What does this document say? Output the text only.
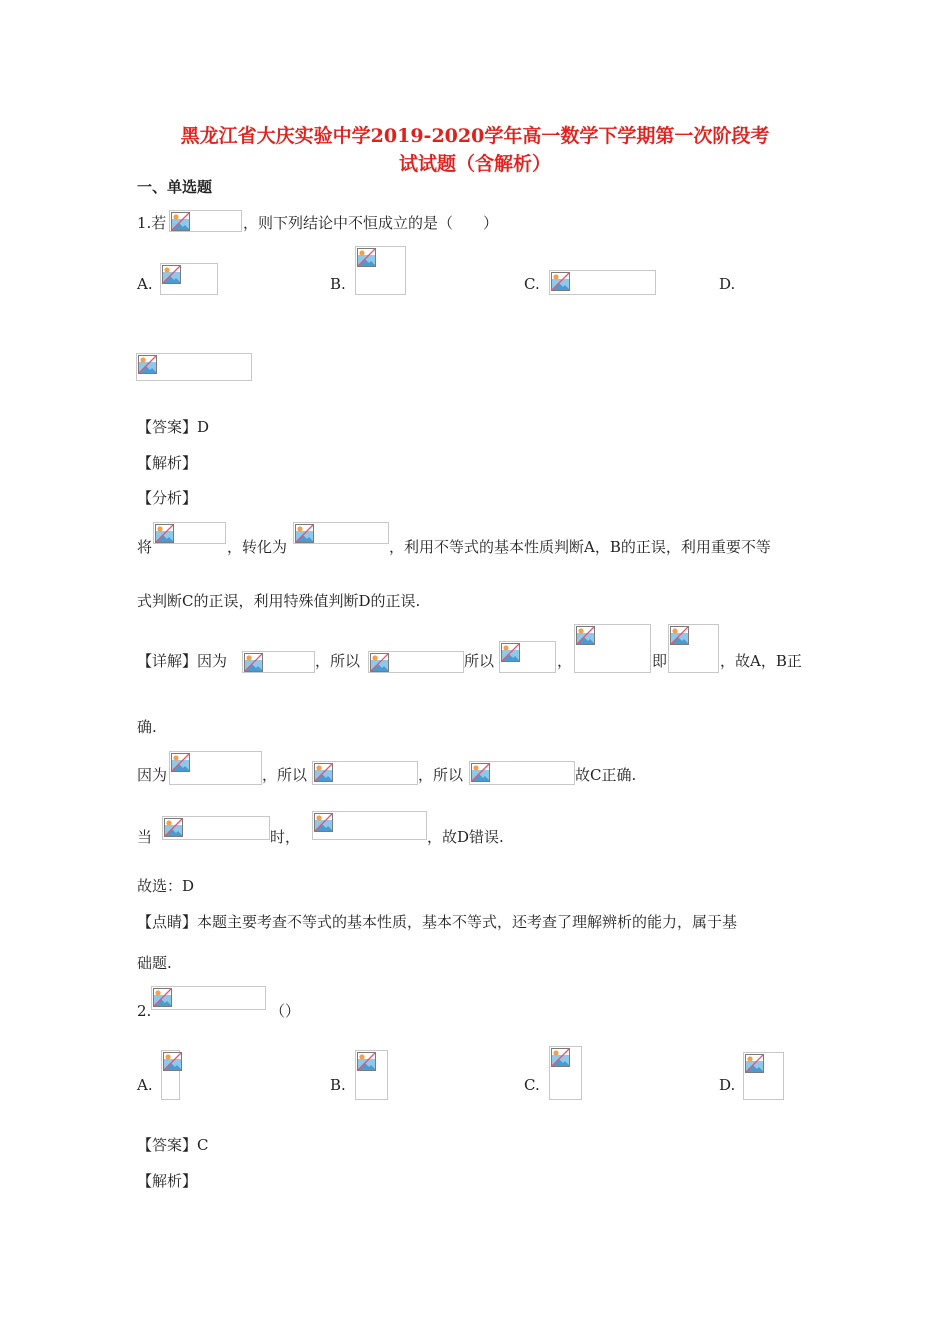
黑龙江省大庆实验中学2019-2020学年高一数学下学期第一次阶段考
试试题（含解析）
一、单选题
1.若	，则下列结论中不恒成立的是（　　）
A.	B.	C.	D.
【答案】D
【解析】
【分析】
将	，转化为	，利用不等式的基本性质判断A，B的正误，利用重要不等
式判断C的正误，利用特殊值判断D的正误.
【详解】因为	，所以	所以	，	即	，故A，B正
确.
因为	，所以	，所以	故C正确.
当	时，	，故D错误.
故选：D
【点睛】本题主要考查不等式的基本性质，基本不等式，还考查了理解辨析的能力，属于基
础题.
2.	（）
A.	B.	C.	D.
【答案】C
【解析】
